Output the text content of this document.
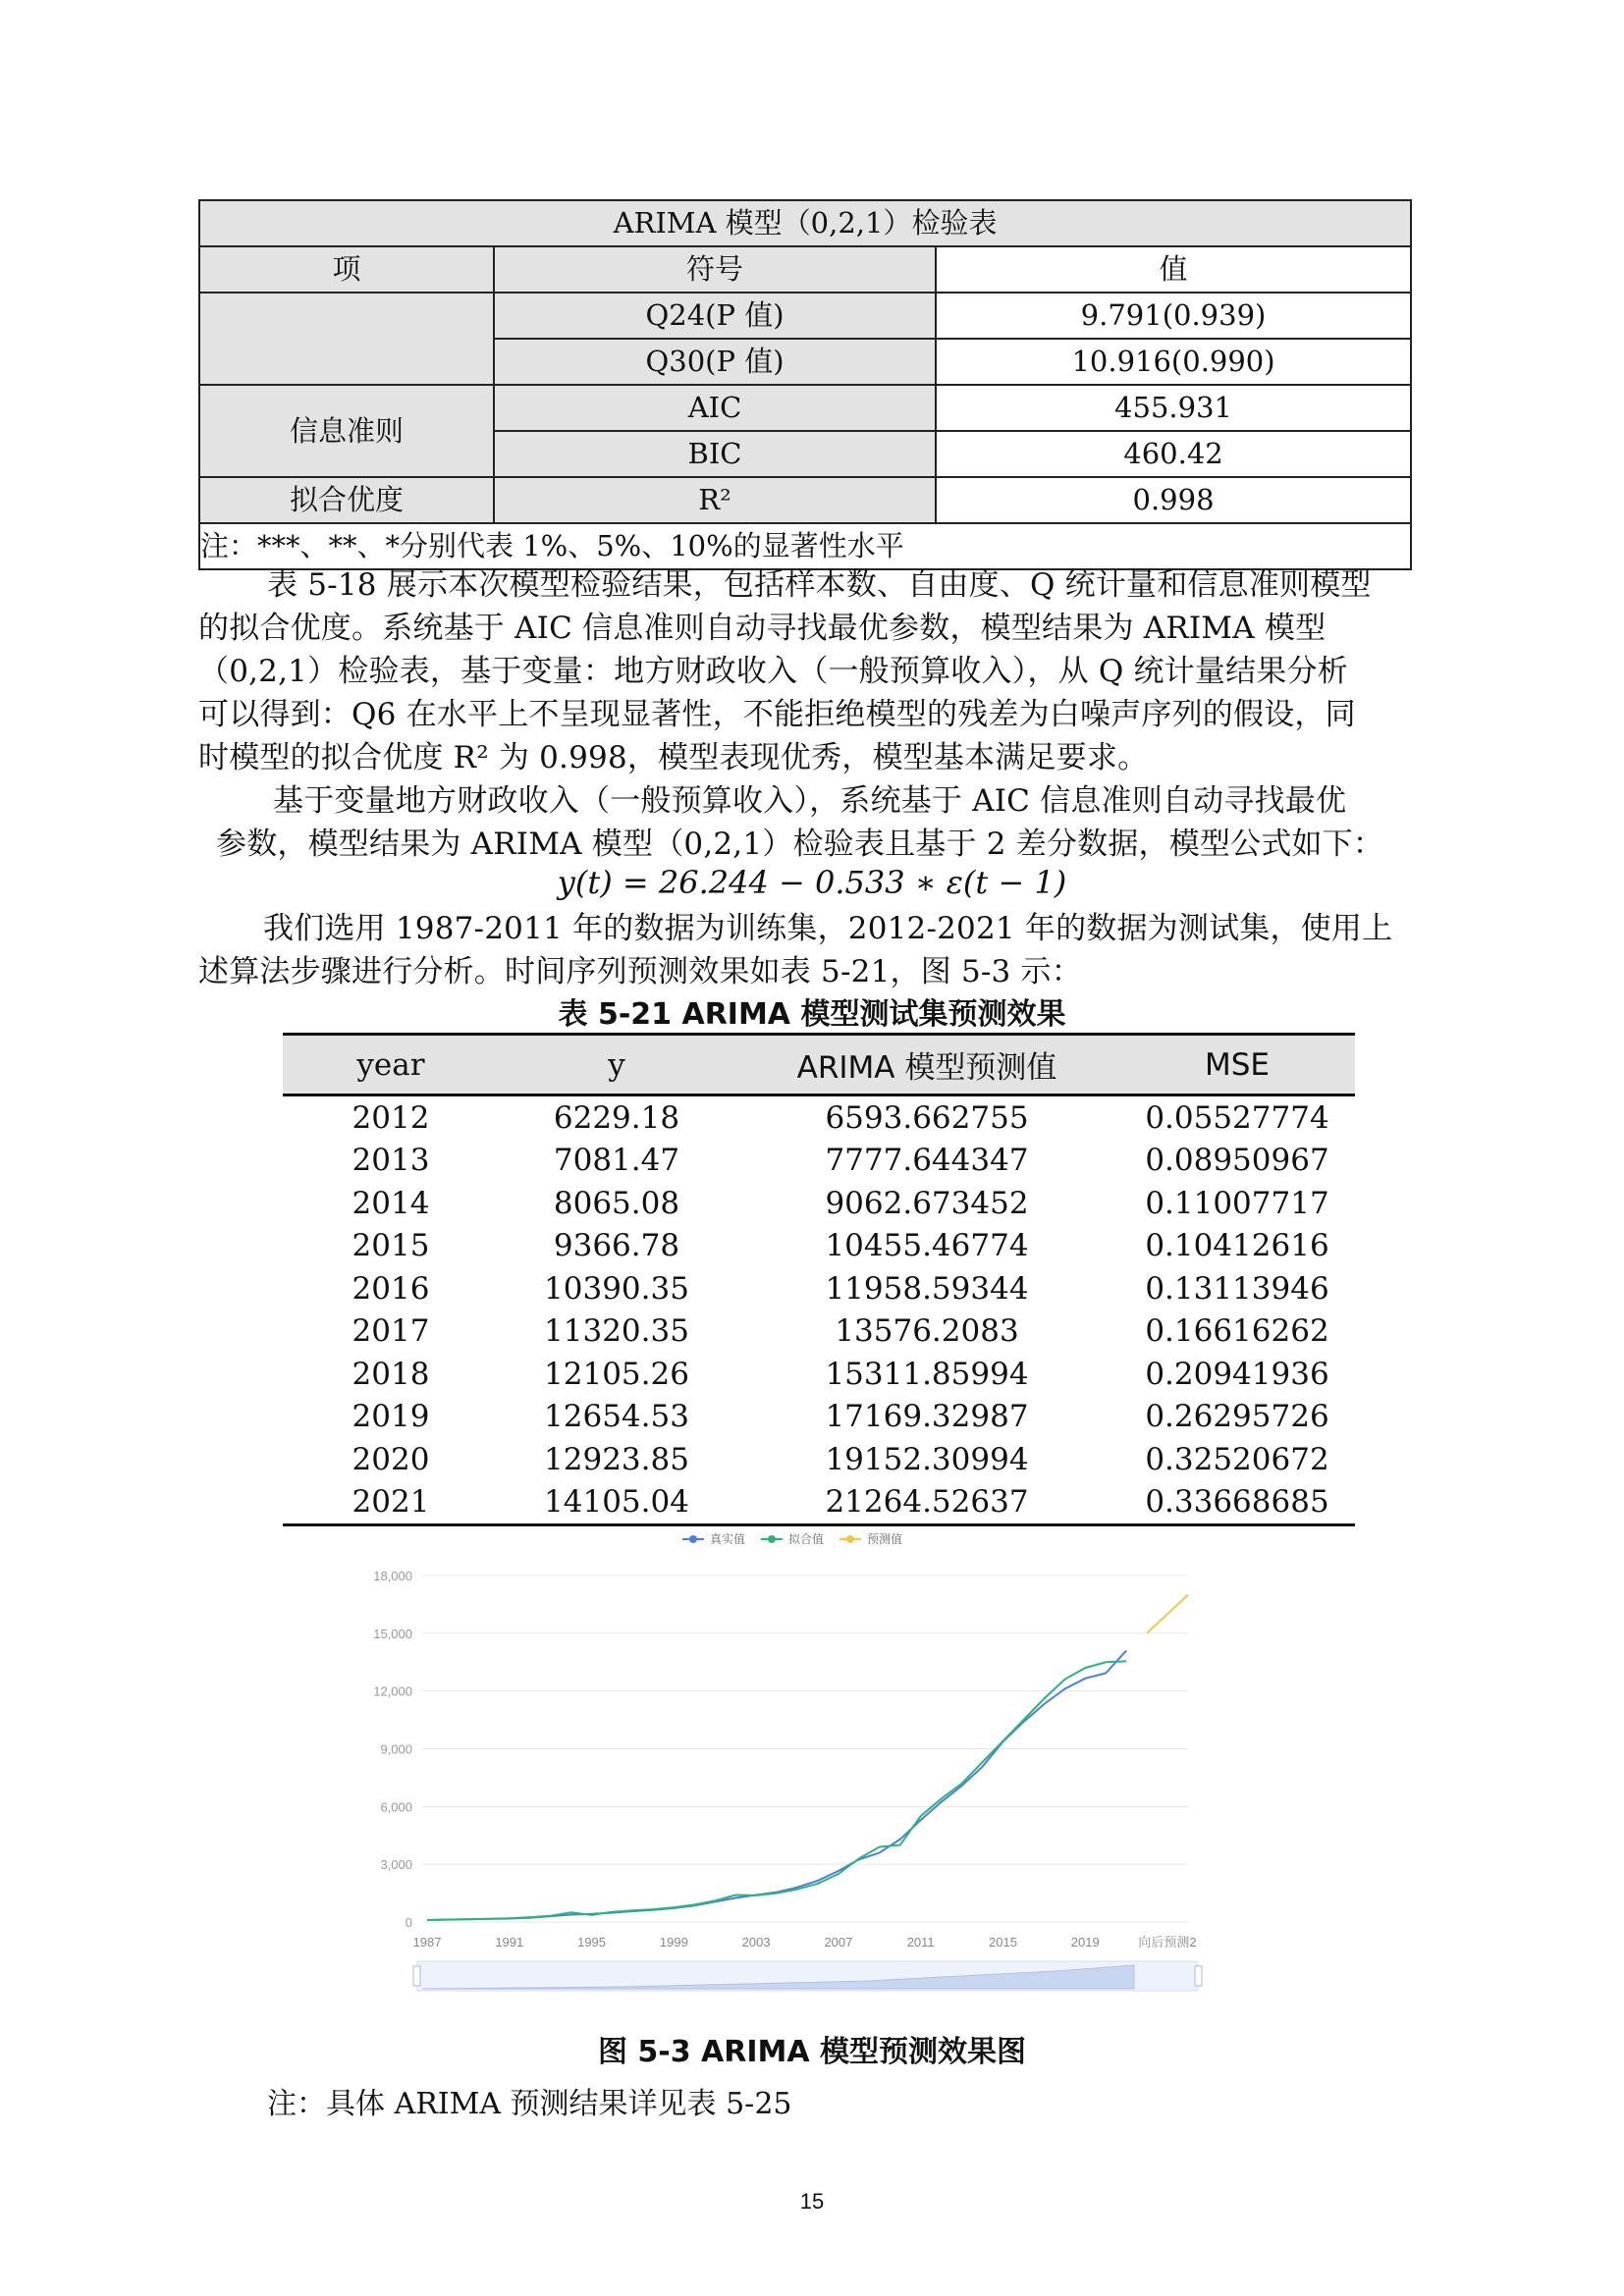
ARIMA 模型（0,2,1）检验表		
项	符号	值
	Q24(P 值)	9.791(0.939)
	Q30(P 值)	10.916(0.990)
信息准则	AIC	455.931
	BIC	460.42
拟合优度	R²	0.998
注：***、**、*分别代表 1%、5%、10%的显著性水平		
表 5-18 展示本次模型检验结果，包括样本数、自由度、Q 统计量和信息准则模型
的拟合优度。系统基于 AIC 信息准则自动寻找最优参数，模型结果为 ARIMA 模型
（0,2,1）检验表，基于变量：地方财政收入（一般预算收入），从 Q 统计量结果分析
可以得到：Q6 在水平上不呈现显著性，不能拒绝模型的残差为白噪声序列的假设，同
时模型的拟合优度 R² 为 0.998，模型表现优秀，模型基本满足要求。
基于变量地方财政收入（一般预算收入），系统基于 AIC 信息准则自动寻找最优
参数，模型结果为 ARIMA 模型（0,2,1）检验表且基于 2 差分数据，模型公式如下：
y(t) = 26.244 − 0.533 ∗ ε(t − 1)
我们选用 1987-2011 年的数据为训练集，2012-2021 年的数据为测试集，使用上
述算法步骤进行分析。时间序列预测效果如表 5-21，图 5-3 示：
表 5-21 ARIMA 模型测试集预测效果
year	y	ARIMA 模型预测值	MSE
2012	6229.18	6593.662755	0.05527774
2013	7081.47	7777.644347	0.08950967
2014	8065.08	9062.673452	0.11007717
2015	9366.78	10455.46774	0.10412616
2016	10390.35	11958.59344	0.13113946
2017	11320.35	13576.2083	0.16616262
2018	12105.26	15311.85994	0.20941936
2019	12654.53	17169.32987	0.26295726
2020	12923.85	19152.30994	0.32520672
2021	14105.04	21264.52637	0.33668685
0
3,000
6,000
9,000
12,000
15,000
18,000
1987	1991	1995	1999	2003	2007	2011	2015	2019	向后预测2
真实值	拟合值	预测值
图 5-3 ARIMA 模型预测效果图
注：具体 ARIMA 预测结果详见表 5-25
15
